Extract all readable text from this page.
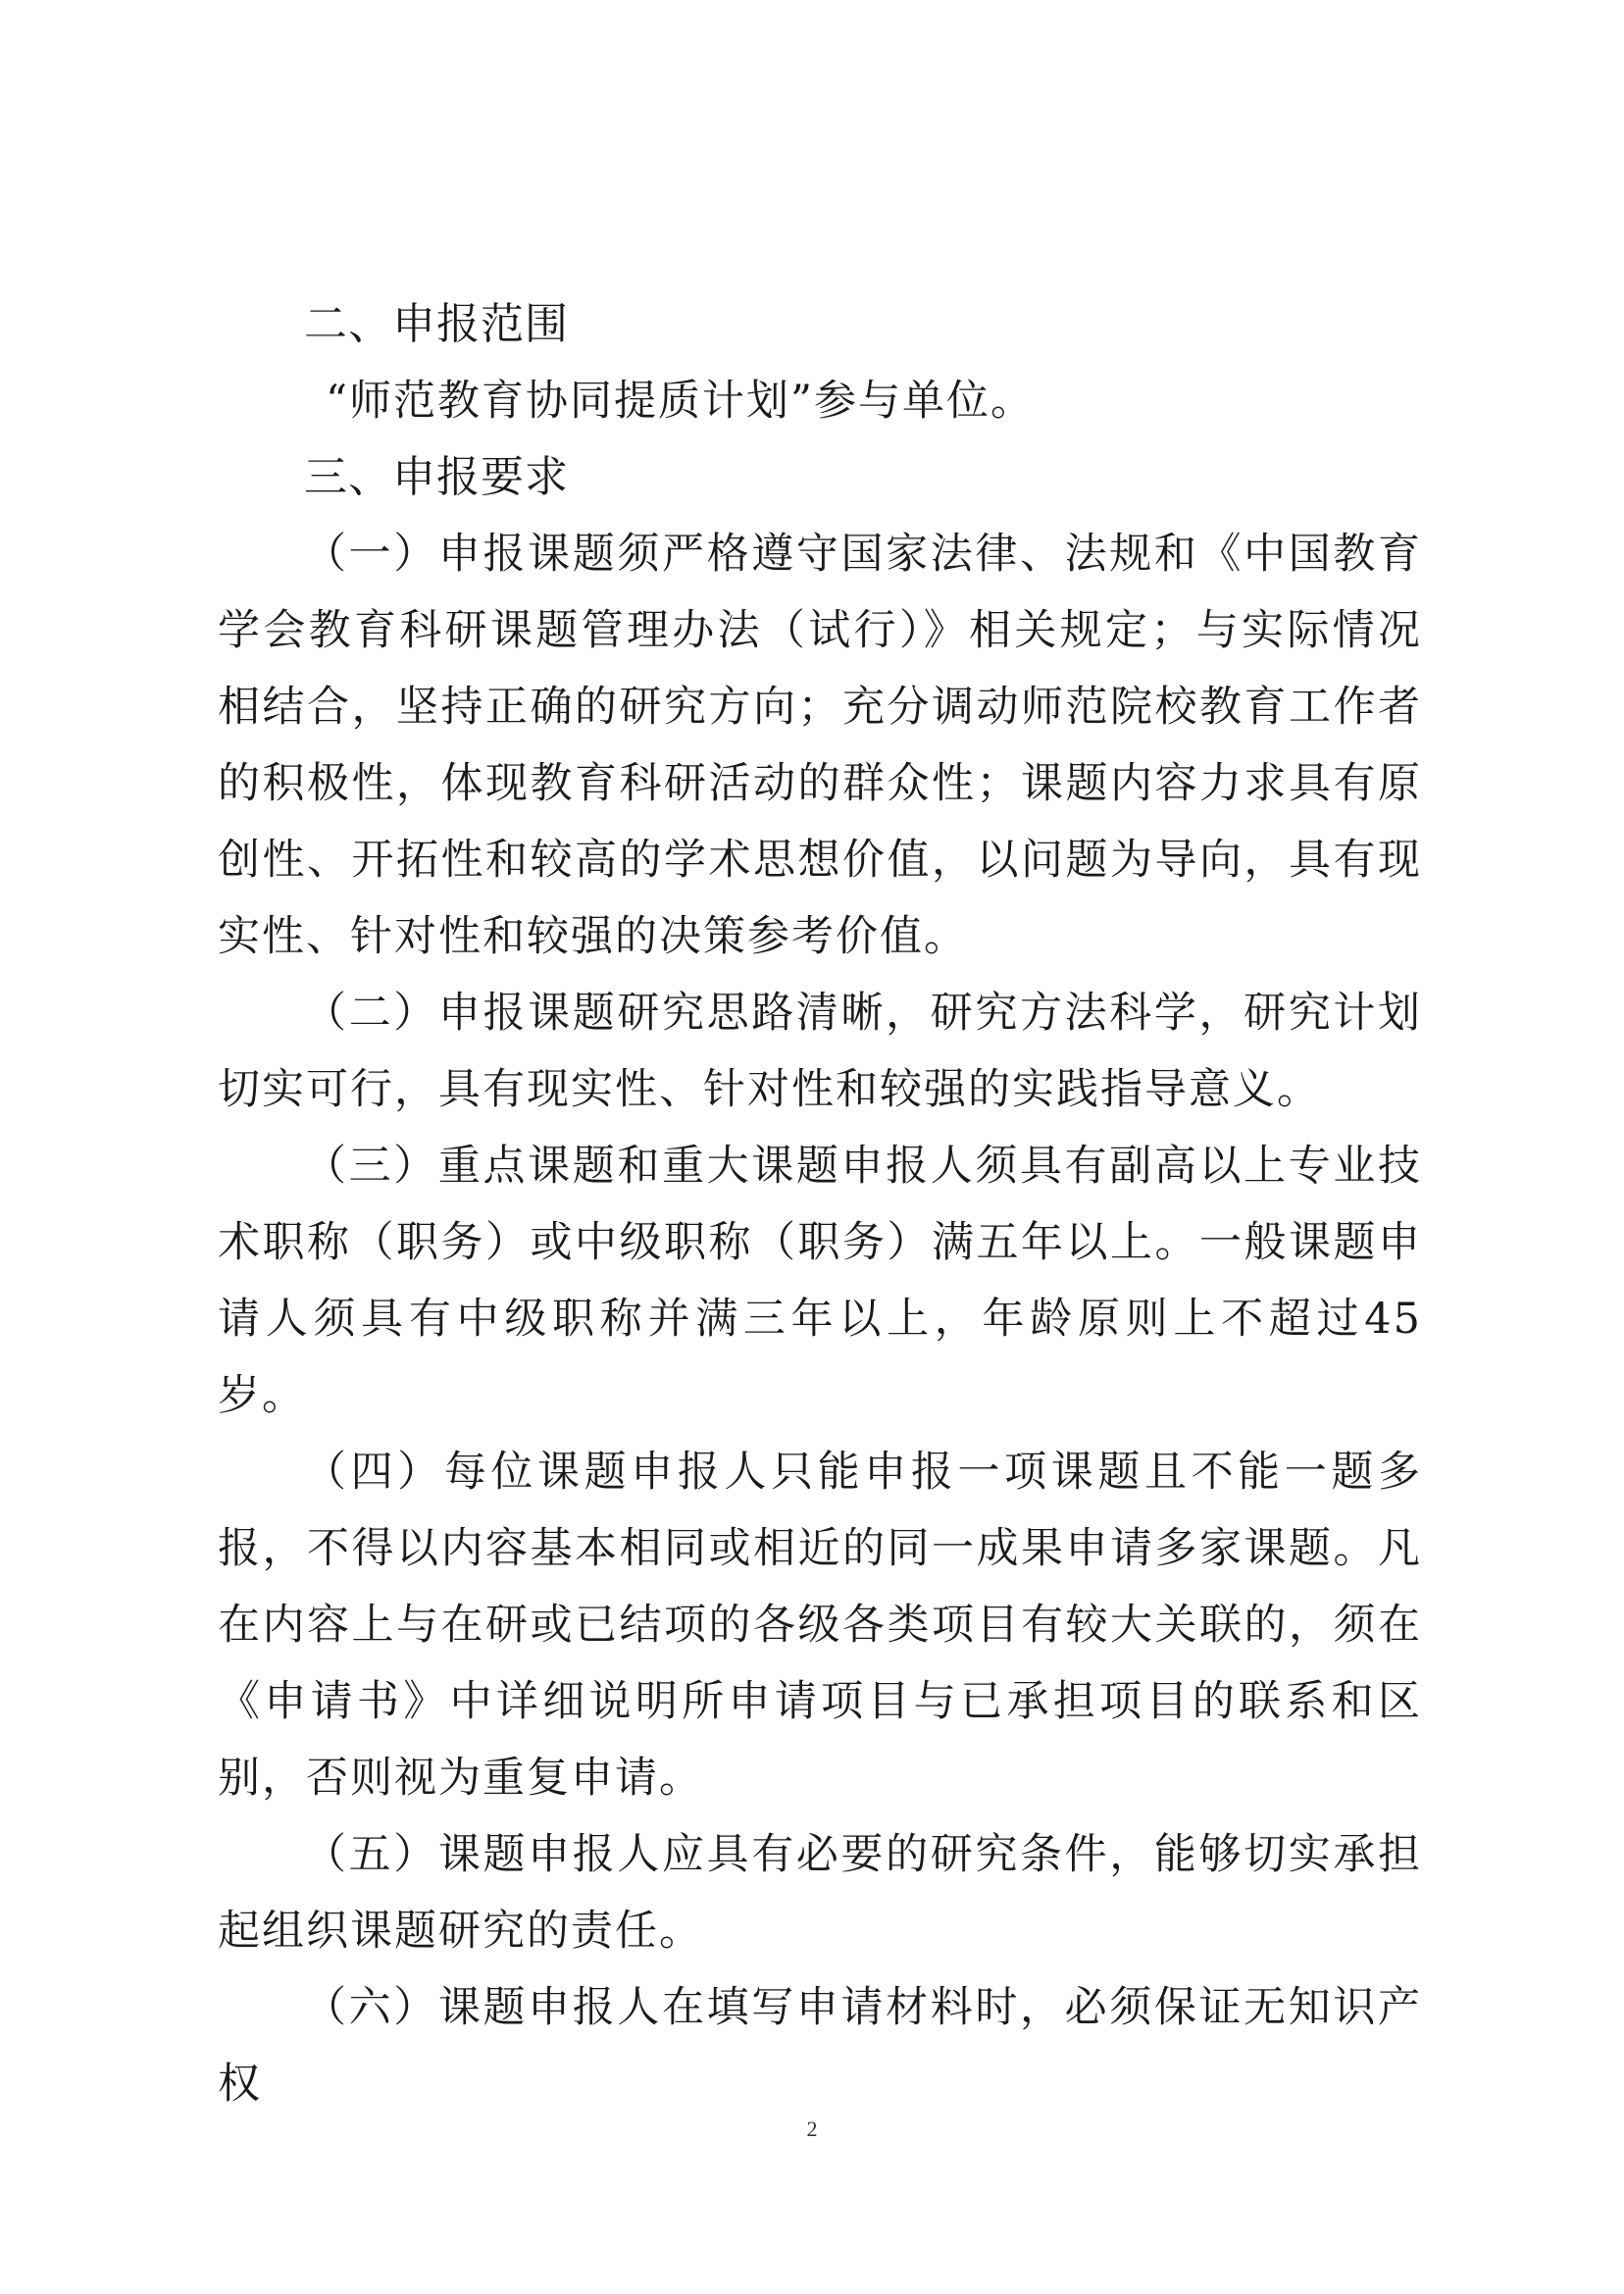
二、申报范围

“师范教育协同提质计划”参与单位。

三、申报要求

（一）申报课题须严格遵守国家法律、法规和《中国教育学会教育科研课题管理办法（试行）》相关规定；与实际情况相结合，坚持正确的研究方向；充分调动师范院校教育工作者的积极性，体现教育科研活动的群众性；课题内容力求具有原创性、开拓性和较高的学术思想价值，以问题为导向，具有现实性、针对性和较强的决策参考价值。

（二）申报课题研究思路清晰，研究方法科学，研究计划切实可行，具有现实性、针对性和较强的实践指导意义。

（三）重点课题和重大课题申报人须具有副高以上专业技术职称（职务）或中级职称（职务）满五年以上。一般课题申请人须具有中级职称并满三年以上，年龄原则上不超过45岁。

（四）每位课题申报人只能申报一项课题且不能一题多报，不得以内容基本相同或相近的同一成果申请多家课题。凡在内容上与在研或已结项的各级各类项目有较大关联的，须在《申请书》中详细说明所申请项目与已承担项目的联系和区别，否则视为重复申请。

（五）课题申报人应具有必要的研究条件，能够切实承担起组织课题研究的责任。

（六）课题申报人在填写申请材料时，必须保证无知识产权

2
